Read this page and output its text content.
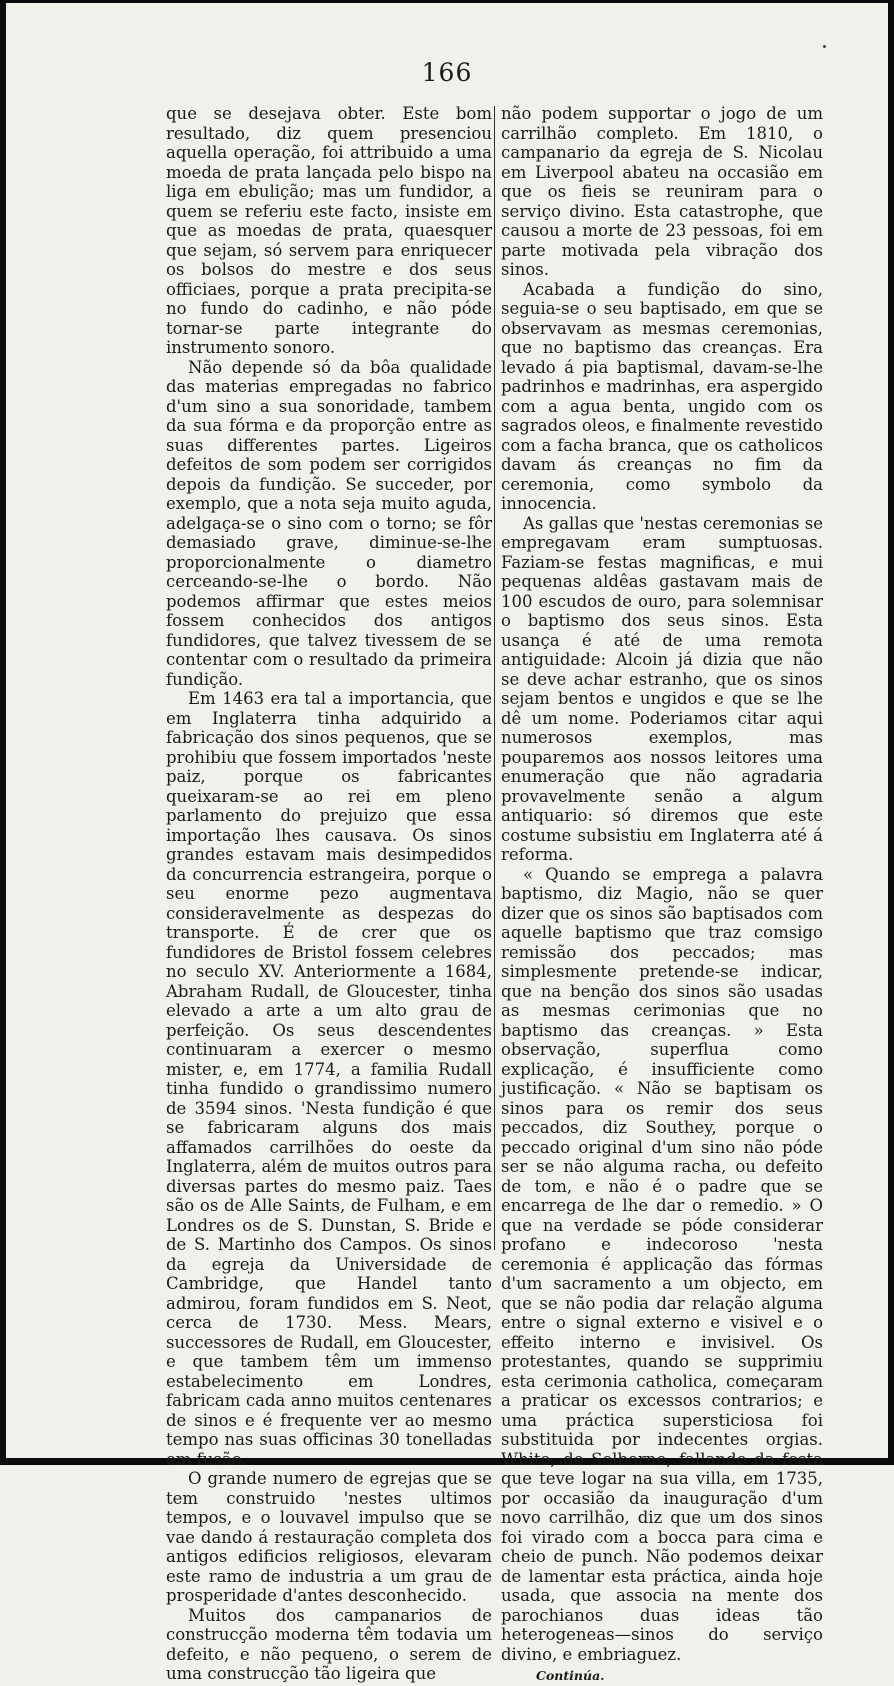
166

que se desejava obter. Este bom resultado, diz quem presenciou aquella operação, foi attribuido a uma moeda de prata lançada pelo bispo na liga em ebulição; mas um fundidor, a quem se referiu este facto, insiste em que as moedas de prata, quaesquer que sejam, só servem para enriquecer os bolsos do mestre e dos seus officiaes, porque a prata precipita-se no fundo do cadinho, e não póde tornar-se parte integrante do instrumento sonoro.

Não depende só da bôa qualidade das materias empregadas no fabrico d'um sino a sua sonoridade, tambem da sua fórma e da proporção entre as suas differentes partes. Ligeiros defeitos de som podem ser corrigidos depois da fundição. Se succeder, por exemplo, que a nota seja muito aguda, adelgaça-se o sino com o torno; se fôr demasiado grave, diminue-se-lhe proporcionalmente o diametro cerceando-se-lhe o bordo. Não podemos affirmar que estes meios fossem conhecidos dos antigos fundidores, que talvez tivessem de se contentar com o resultado da primeira fundição.

Em 1463 era tal a importancia, que em Inglaterra tinha adquirido a fabricação dos sinos pequenos, que se prohibiu que fossem importados 'neste paiz, porque os fabricantes queixaram-se ao rei em pleno parlamento do prejuizo que essa importação lhes causava. Os sinos grandes estavam mais desimpedidos da concurrencia estrangeira, porque o seu enorme pezo augmentava consideravelmente as despezas do transporte. É de crer que os fundidores de Bristol fossem celebres no seculo XV. Anteriormente a 1684, Abraham Rudall, de Gloucester, tinha elevado a arte a um alto grau de perfeição. Os seus descendentes continuaram a exercer o mesmo mister, e, em 1774, a familia Rudall tinha fundido o grandissimo numero de 3594 sinos. 'Nesta fundição é que se fabricaram alguns dos mais affamados carrilhões do oeste da Inglaterra, além de muitos outros para diversas partes do mesmo paiz. Taes são os de Alle Saints, de Fulham, e em Londres os de S. Dunstan, S. Bride e de S. Martinho dos Campos. Os sinos da egreja da Universidade de Cambridge, que Handel tanto admirou, foram fundidos em S. Neot, cerca de 1730. Mess. Mears, successores de Rudall, em Gloucester, e que tambem têm um immenso estabelecimento em Londres, fabricam cada anno muitos centenares de sinos e é frequente ver ao mesmo tempo nas suas officinas 30 tonelladas em fusão.

O grande numero de egrejas que se tem construido 'nestes ultimos tempos, e o louvavel impulso que se vae dando á restauração completa dos antigos edificios religiosos, elevaram este ramo de industria a um grau de prosperidade d'antes desconhecido.

Muitos dos campanarios de construcção moderna têm todavia um defeito, e não pequeno, o serem de uma construcção tão ligeira que

não podem supportar o jogo de um carrilhão completo. Em 1810, o campanario da egreja de S. Nicolau em Liverpool abateu na occasião em que os fieis se reuniram para o serviço divino. Esta catastrophe, que causou a morte de 23 pessoas, foi em parte motivada pela vibração dos sinos.

Acabada a fundição do sino, seguia-se o seu baptisado, em que se observavam as mesmas ceremonias, que no baptismo das creanças. Era levado á pia baptismal, davam-se-lhe padrinhos e madrinhas, era aspergido com a agua benta, ungido com os sagrados oleos, e finalmente revestido com a facha branca, que os catholicos davam ás creanças no fim da ceremonia, como symbolo da innocencia.

As gallas que 'nestas ceremonias se empregavam eram sumptuosas. Faziam-se festas magnificas, e mui pequenas aldêas gastavam mais de 100 escudos de ouro, para solemnisar o baptismo dos seus sinos. Esta usança é até de uma remota antiguidade: Alcoin já dizia que não se deve achar estranho, que os sinos sejam bentos e ungidos e que se lhe dê um nome. Poderiamos citar aqui numerosos exemplos, mas pouparemos aos nossos leitores uma enumeração que não agradaria provavelmente senão a algum antiquario: só diremos que este costume subsistiu em Inglaterra até á reforma.

« Quando se emprega a palavra baptismo, diz Magio, não se quer dizer que os sinos são baptisados com aquelle baptismo que traz comsigo remissão dos peccados; mas simplesmente pretende-se indicar, que na benção dos sinos são usadas as mesmas cerimonias que no baptismo das creanças. » Esta observação, superflua como explicação, é insufficiente como justificação. « Não se baptisam os sinos para os remir dos seus peccados, diz Southey, porque o peccado original d'um sino não póde ser se não alguma racha, ou defeito de tom, e não é o padre que se encarrega de lhe dar o remedio. » O que na verdade se póde considerar profano e indecoroso 'nesta ceremonia é applicação das fórmas d'um sacramento a um objecto, em que se não podia dar relação alguma entre o signal externo e visivel e o effeito interno e invisivel. Os protestantes, quando se supprimiu esta cerimonia catholica, começaram a praticar os excessos contrarios; e uma práctica supersticiosa foi substituida por indecentes orgias. White, de Selborne, fallando da festa que teve logar na sua villa, em 1735, por occasião da inauguração d'um novo carrilhão, diz que um dos sinos foi virado com a bocca para cima e cheio de punch. Não podemos deixar de lamentar esta práctica, ainda hoje usada, que associa na mente dos parochianos duas ideas tão heterogeneas—sinos do serviço divino, e embriaguez.

Continúa.
